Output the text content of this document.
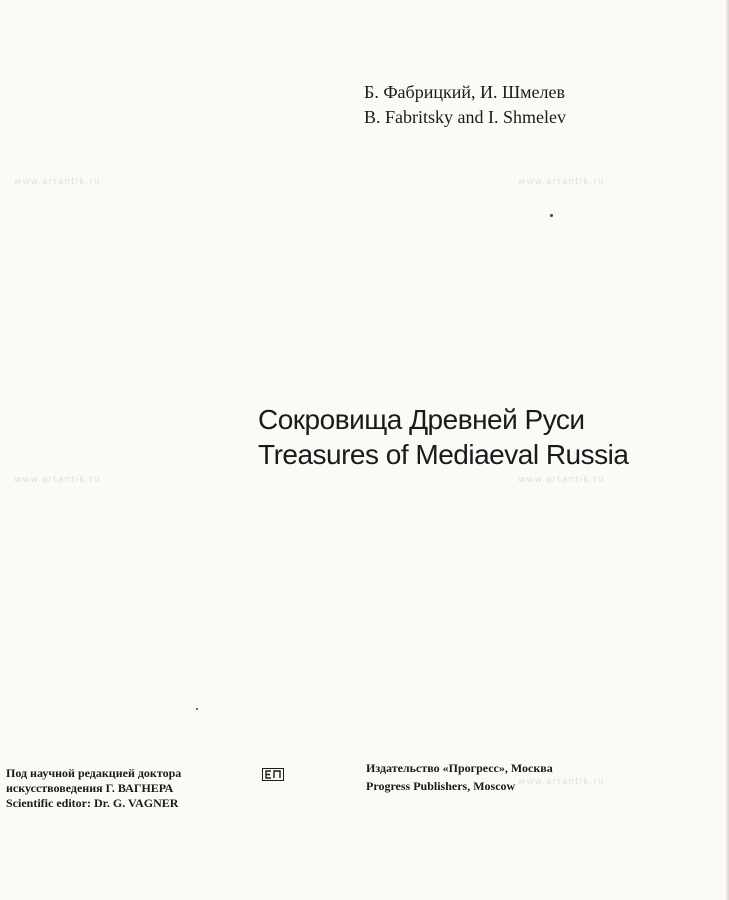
www.artantik.ru	www.artantik.ru
www.artantik.ru	www.artantik.ru
www.artantik.ru
Б. Фабрицкий, И. Шмелев
B. Fabritsky and I. Shmelev
Сокровища Древней Руси
Treasures of Mediaeval Russia
Под научной редакцией доктора
искусствоведения Г. ВАГНЕРА
Scientific editor: Dr. G. VAGNER
Издательство «Прогресс», Москва
Progress Publishers, Moscow
